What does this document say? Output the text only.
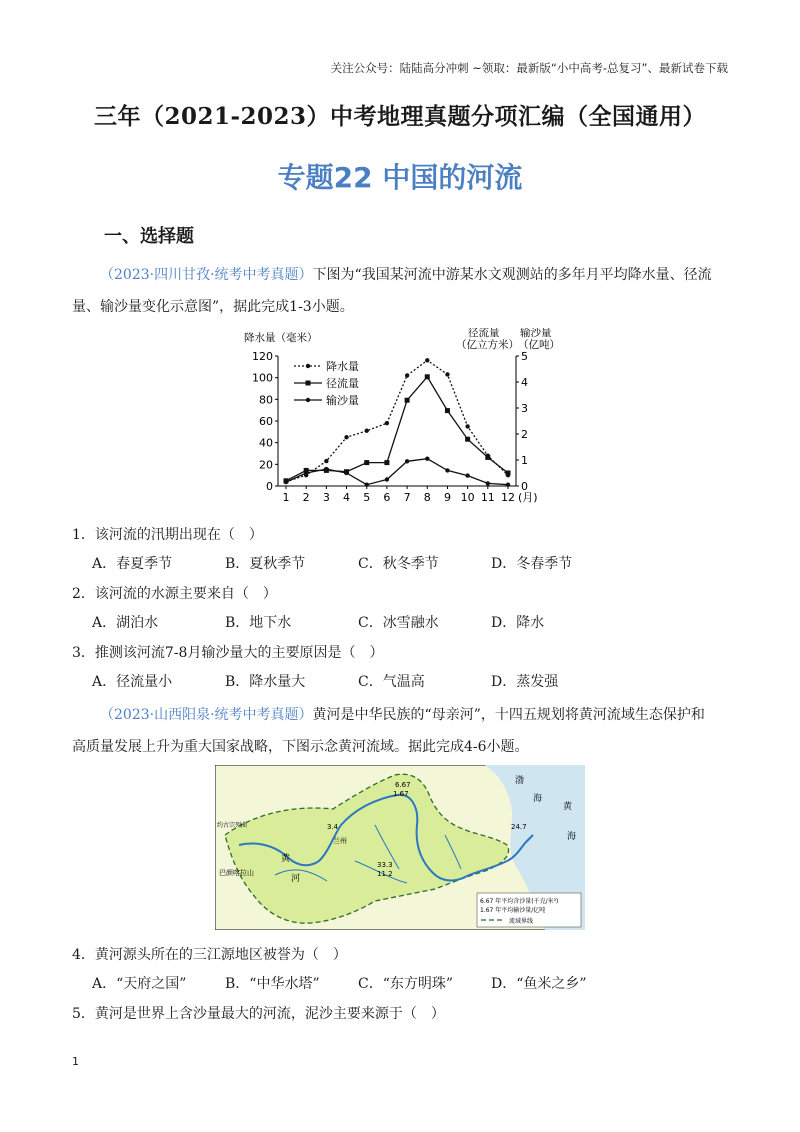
关注公众号：陆陆高分冲刺 ~领取：最新版“小中高考-总复习”、最新试卷下载
三年（2021-2023）中考地理真题分项汇编（全国通用）
专题22 中国的河流
一、选择题
（2023·四川甘孜·统考中考真题）下图为“我国某河流中游某水文观测站的多年月平均降水量、径流
量、输沙量变化示意图”，据此完成1-3小题。
降水量（毫米）	径流量
（亿立方米）
输沙量
（亿吨）
0
20
40
60
80
100
120
0
1
2
3
4
5
1 2 3 4 5 6 7 8 9 10 11 12 (月)
降水量
径流量
输沙量
1．该河流的汛期出现在（　）
A．春夏季节	B．夏秋季节	C．秋冬季节	D．冬春季节
2．该河流的水源主要来自（　）
A．湖泊水	B．地下水	C．冰雪融水	D．降水
3．推测该河流7-8月输沙量大的主要原因是（　）
A．径流量小	B．降水量大	C．气温高	D．蒸发强
（2023·山西阳泉·统考中考真题）黄河是中华民族的“母亲河”，十四五规划将黄河流域生态保护和
高质量发展上升为重大国家战略，下图示念黄河流域。据此完成4-6小题。
约古宗列曲
巴颜喀拉山
黄
河
兰州
6.67
1.67
3.4
33.3
11.2
24.7
渤
海
黄
海
6.67 年平均含沙量(千克/米³)
1.67 年平均输沙量/亿吨
流域界线
4．黄河源头所在的三江源地区被誉为（　）
A．“天府之国”	B．“中华水塔”	C．“东方明珠”	D．“鱼米之乡”
5．黄河是世界上含沙量最大的河流，泥沙主要来源于（　）
1
